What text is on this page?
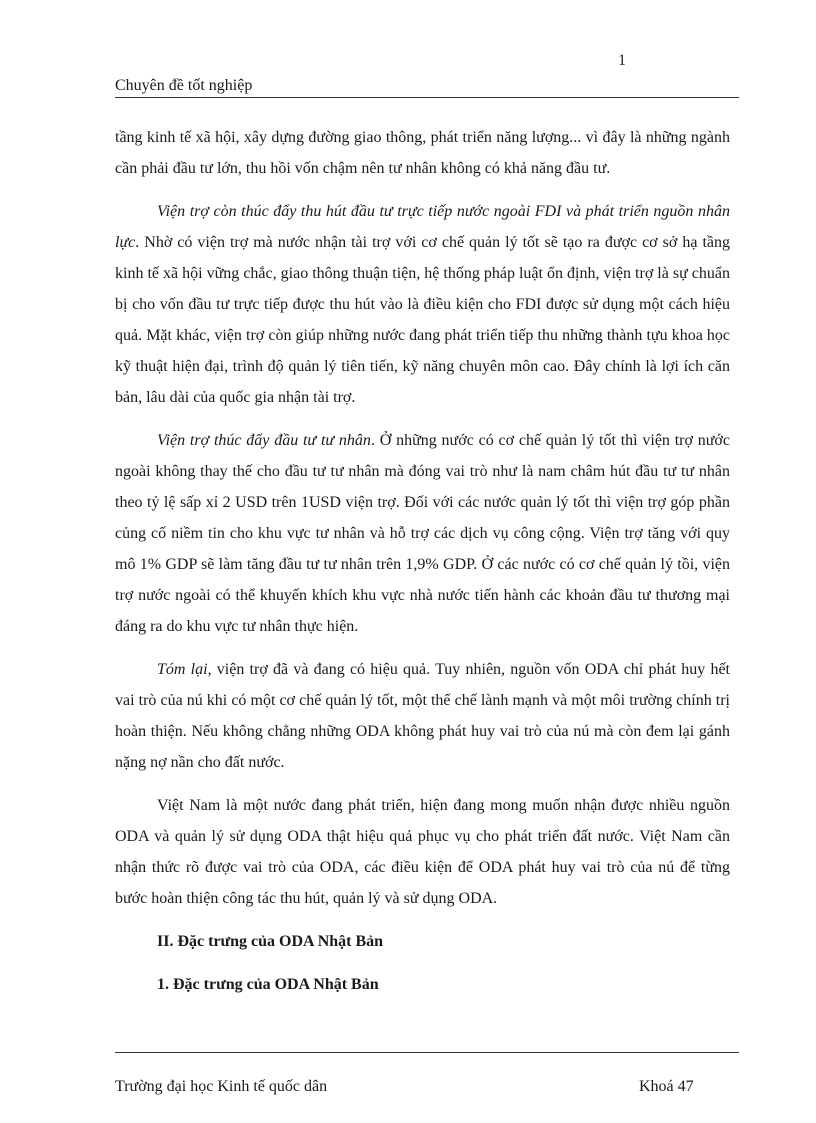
1
Chuyên đề tốt nghiệp

tầng kinh tế xã hội, xây dựng đường giao thông, phát triển năng lượng... vì đây là những ngành cần phải đầu tư lớn, thu hồi vốn chậm nên tư nhân không có khả năng đầu tư.

Viện trợ còn thúc đẩy thu hút đầu tư trực tiếp nước ngoài FDI và phát triển nguồn nhân lực. Nhờ có viện trợ mà nước nhận tài trợ với cơ chế quản lý tốt sẽ tạo ra được cơ sở hạ tầng kinh tế xã hội vững chắc, giao thông thuận tiện, hệ thống pháp luật ổn định, viện trợ là sự chuẩn bị cho vốn đầu tư trực tiếp được thu hút vào là điều kiện cho FDI được sử dụng một cách hiệu quả. Mặt khác, viện trợ còn giúp những nước đang phát triển tiếp thu những thành tựu khoa học kỹ thuật hiện đại, trình độ quản lý tiên tiến, kỹ năng chuyên môn cao. Đây chính là lợi ích căn bản, lâu dài của quốc gia nhận tài trợ.

Viện trợ thúc đẩy đầu tư tư nhân. Ở những nước có cơ chế quản lý tốt thì viện trợ nước ngoài không thay thế cho đầu tư tư nhân mà đóng vai trò như là nam châm hút đầu tư tư nhân theo tỷ lệ sấp xỉ 2 USD trên 1USD viện trợ. Đối với các nước quản lý tốt thì viện trợ góp phần củng cố niềm tin cho khu vực tư nhân và hỗ trợ các dịch vụ công cộng. Viện trợ tăng với quy mô 1% GDP sẽ làm tăng đầu tư tư nhân trên 1,9% GDP. Ở các nước có cơ chế quản lý tồi, viện trợ nước ngoài có thể khuyến khích khu vực nhà nước tiến hành các khoản đầu tư thương mại đáng ra do khu vực tư nhân thực hiện.

Tóm lại, viện trợ đã và đang có hiệu quả. Tuy nhiên, nguồn vốn ODA chỉ phát huy hết vai trò của nú khi có một cơ chế quản lý tốt, một thể chế lành mạnh và một môi trường chính trị hoàn thiện. Nếu không chẳng những ODA không phát huy vai trò của nú mà còn đem lại gánh nặng nợ nần cho đất nước.

Việt Nam là một nước đang phát triển, hiện đang mong muốn nhận được nhiều nguồn ODA và quản lý sử dụng ODA thật hiệu quả phục vụ cho phát triển đất nước. Việt Nam cần nhận thức rõ được vai trò của ODA, các điều kiện để ODA phát huy vai trò của nú để từng bước hoàn thiện công tác thu hút, quản lý và sử dụng ODA.

II. Đặc trưng của ODA Nhật Bản

1. Đặc trưng của ODA Nhật Bản

Trường đại học Kinh tế quốc dân	Khoá 47
